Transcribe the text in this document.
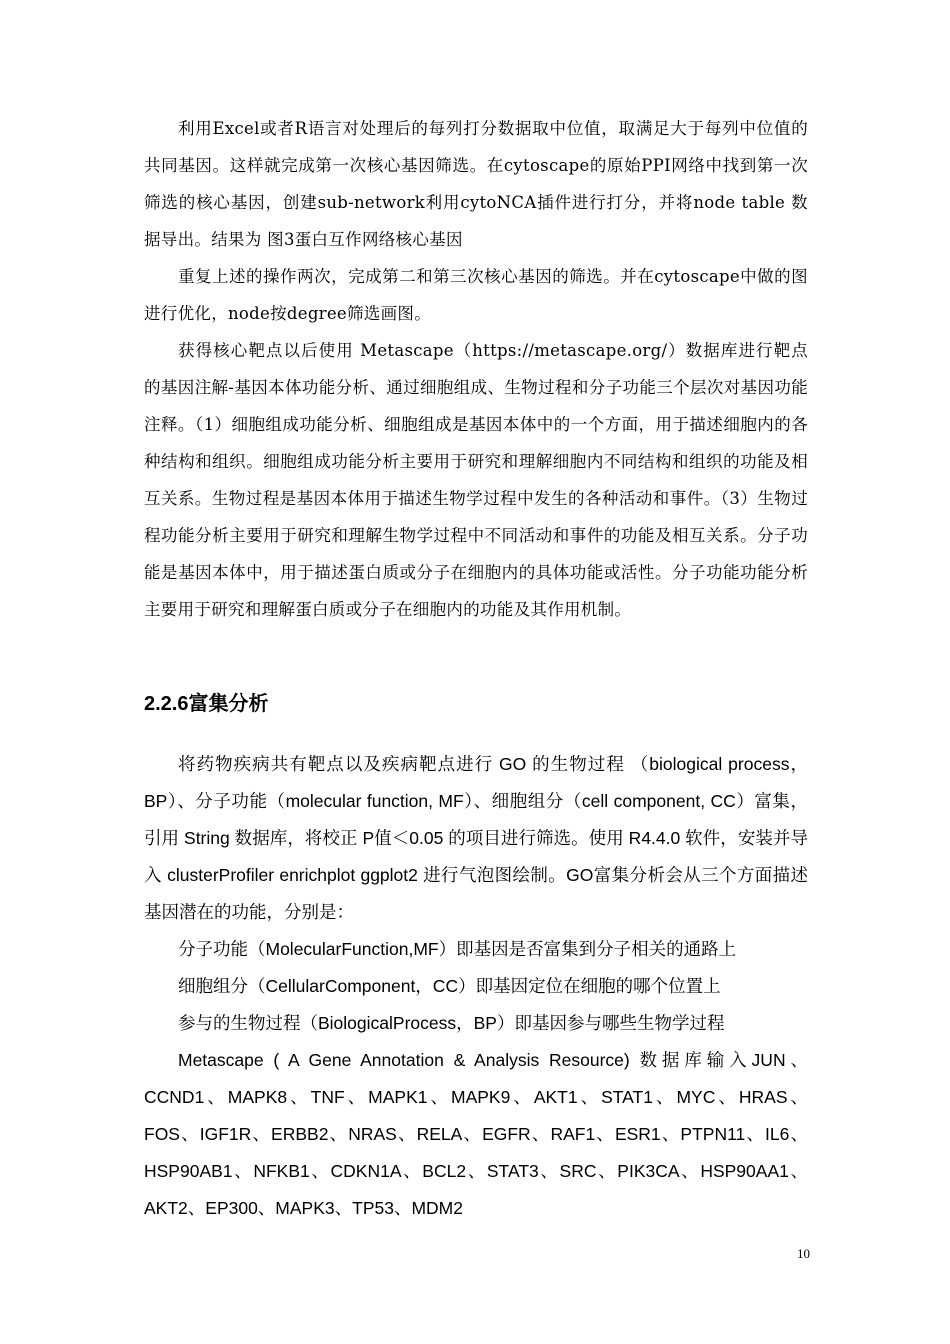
利用Excel或者R语言对处理后的每列打分数据取中位值，取满足大于每列中位值的共同基因。这样就完成第一次核心基因筛选。在cytoscape的原始PPI网络中找到第一次筛选的核心基因，创建sub-network利用cytoNCA插件进行打分，并将node table 数据导出。结果为 图3蛋白互作网络核心基因

重复上述的操作两次，完成第二和第三次核心基因的筛选。并在cytoscape中做的图进行优化，node按degree筛选画图。

获得核心靶点以后使用 Metascape（https://metascape.org/）数据库进行靶点的基因注解-基因本体功能分析、通过细胞组成、生物过程和分子功能三个层次对基因功能注释。（1）细胞组成功能分析、细胞组成是基因本体中的一个方面，用于描述细胞内的各种结构和组织。细胞组成功能分析主要用于研究和理解细胞内不同结构和组织的功能及相互关系。生物过程是基因本体用于描述生物学过程中发生的各种活动和事件。（3）生物过程功能分析主要用于研究和理解生物学过程中不同活动和事件的功能及相互关系。分子功能是基因本体中，用于描述蛋白质或分子在细胞内的具体功能或活性。分子功能功能分析主要用于研究和理解蛋白质或分子在细胞内的功能及其作用机制。

2.2.6富集分析

将药物疾病共有靶点以及疾病靶点进行 GO 的生物过程 （biological process，BP）、分子功能（molecular function, MF）、细胞组分（cell component, CC）富集，引用 String 数据库，将校正 P值＜0.05 的项目进行筛选。使用 R4.4.0 软件，安装并导入 clusterProfiler enrichplot ggplot2 进行气泡图绘制。GO富集分析会从三个方面描述基因潜在的功能，分别是：

分子功能（MolecularFunction,MF）即基因是否富集到分子相关的通路上

细胞组分（CellularComponent，CC）即基因定位在细胞的哪个位置上

参与的生物过程（BiologicalProcess，BP）即基因参与哪些生物学过程

Metascape ( A Gene Annotation & Analysis Resource) 数据库输入JUN、CCND1、MAPK8、TNF、MAPK1、MAPK9、AKT1、STAT1、MYC、HRAS、FOS、IGF1R、ERBB2、NRAS、RELA、EGFR、RAF1、ESR1、PTPN11、IL6、HSP90AB1、NFKB1、CDKN1A、BCL2、STAT3、SRC、PIK3CA、HSP90AA1、AKT2、EP300、MAPK3、TP53、MDM2

10
